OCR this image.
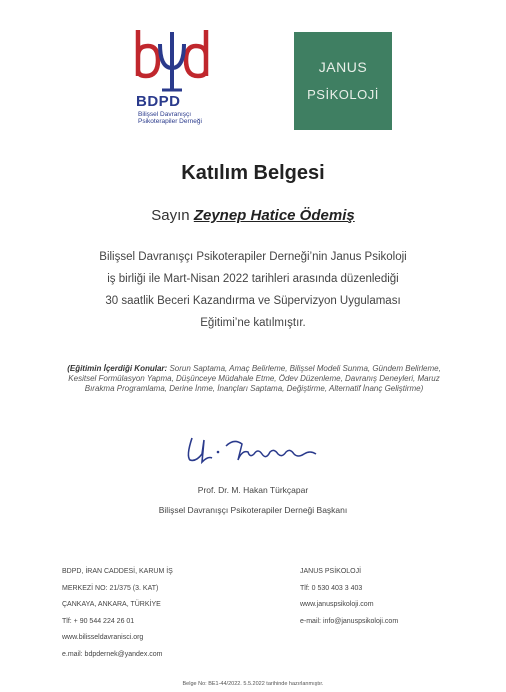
BDPD
Bilişsel Davranışçı
Psikoterapiler Derneği
JANUS
PSİKOLOJİ
Katılım Belgesi
Sayın Zeynep Hatice Ödemiş
Bilişsel Davranışçı Psikoterapiler Derneği’nin Janus Psikoloji
iş birliği ile Mart-Nisan 2022 tarihleri arasında düzenlediği
30 saatlik Beceri Kazandırma ve Süpervizyon Uygulaması
Eğitimi’ne katılmıştır.
(Eğitimin İçerdiği Konular: Sorun Saptama, Amaç Belirleme, Bilişsel Modeli Sunma, Gündem Belirleme, Kesitsel Formülasyon Yapma, Düşünceye Müdahale Etme, Ödev Düzenleme, Davranış Deneyleri, Maruz Bırakma Programlama, Derine İnme, İnançları Saptama, Değiştirme, Alternatif İnanç Geliştirme)
Prof. Dr. M. Hakan Türkçapar
Bilişsel Davranışçı Psikoterapiler Derneği Başkanı
BDPD, İRAN CADDESİ, KARUM İŞ
MERKEZİ NO: 21/375 (3. KAT)
ÇANKAYA, ANKARA, TÜRKİYE
Tlf: + 90 544 224 26 01
www.bilisseldavranisci.org
e.mail: bdpdernek@yandex.com
JANUS PSİKOLOJİ
Tlf: 0 530 403 3 403
www.januspsikoloji.com
e-mail: info@januspsikoloji.com
Belge No: BE1-44/2022. 5.5.2022 tarihinde hazırlanmıştır.
